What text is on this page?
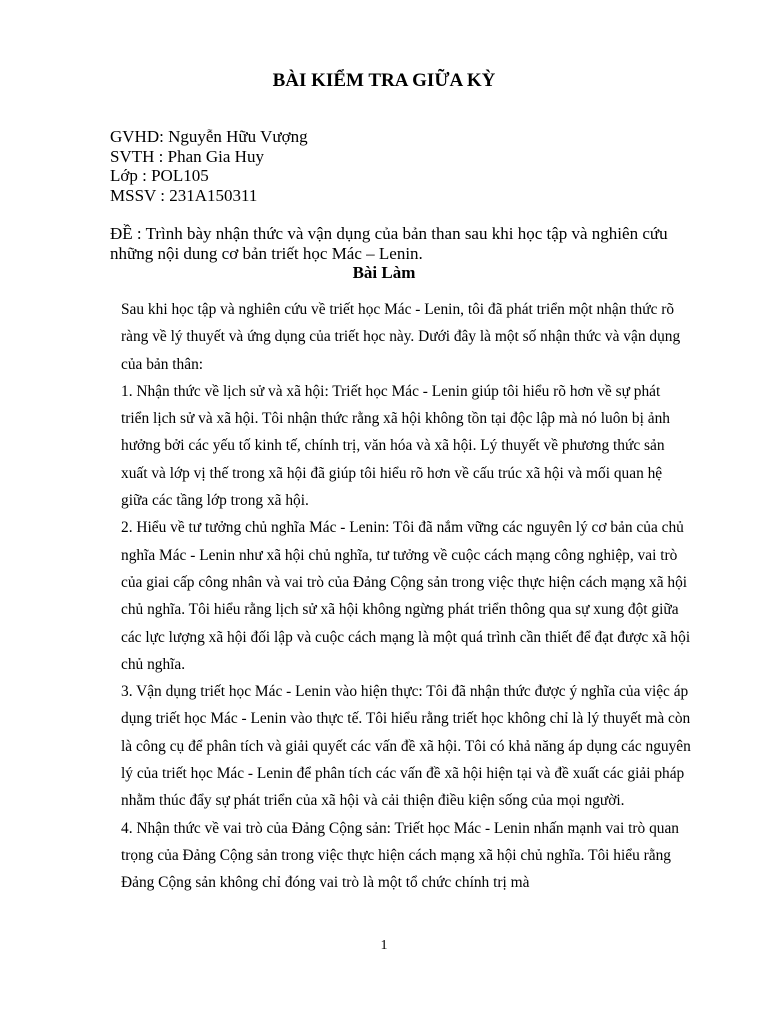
BÀI KIỂM TRA GIỮA KỲ
GVHD: Nguyễn Hữu Vượng
SVTH : Phan Gia Huy
Lớp : POL105
MSSV : 231A150311
ĐỀ : Trình bày nhận thức và vận dụng của bản than sau khi học tập và nghiên cứu những nội dung cơ bản triết học Mác – Lenin.
Bài Làm

Sau khi học tập và nghiên cứu về triết học Mác - Lenin, tôi đã phát triển một nhận thức rõ ràng về lý thuyết và ứng dụng của triết học này. Dưới đây là một số nhận thức và vận dụng của bản thân:

1. Nhận thức về lịch sử và xã hội: Triết học Mác - Lenin giúp tôi hiểu rõ hơn về sự phát triển lịch sử và xã hội. Tôi nhận thức rằng xã hội không tồn tại độc lập mà nó luôn bị ảnh hưởng bởi các yếu tố kinh tế, chính trị, văn hóa và xã hội. Lý thuyết về phương thức sản xuất và lớp vị thế trong xã hội đã giúp tôi hiểu rõ hơn về cấu trúc xã hội và mối quan hệ giữa các tầng lớp trong xã hội.

2. Hiểu về tư tưởng chủ nghĩa Mác - Lenin: Tôi đã nắm vững các nguyên lý cơ bản của chủ nghĩa Mác - Lenin như xã hội chủ nghĩa, tư tưởng về cuộc cách mạng công nghiệp, vai trò của giai cấp công nhân và vai trò của Đảng Cộng sản trong việc thực hiện cách mạng xã hội chủ nghĩa. Tôi hiểu rằng lịch sử xã hội không ngừng phát triển thông qua sự xung đột giữa các lực lượng xã hội đối lập và cuộc cách mạng là một quá trình cần thiết để đạt được xã hội chủ nghĩa.

3. Vận dụng triết học Mác - Lenin vào hiện thực: Tôi đã nhận thức được ý nghĩa của việc áp dụng triết học Mác - Lenin vào thực tế. Tôi hiểu rằng triết học không chỉ là lý thuyết mà còn là công cụ để phân tích và giải quyết các vấn đề xã hội. Tôi có khả năng áp dụng các nguyên lý của triết học Mác - Lenin để phân tích các vấn đề xã hội hiện tại và đề xuất các giải pháp nhằm thúc đẩy sự phát triển của xã hội và cải thiện điều kiện sống của mọi người.

4. Nhận thức về vai trò của Đảng Cộng sản: Triết học Mác - Lenin nhấn mạnh vai trò quan trọng của Đảng Cộng sản trong việc thực hiện cách mạng xã hội chủ nghĩa. Tôi hiểu rằng Đảng Cộng sản không chỉ đóng vai trò là một tổ chức chính trị mà

1
